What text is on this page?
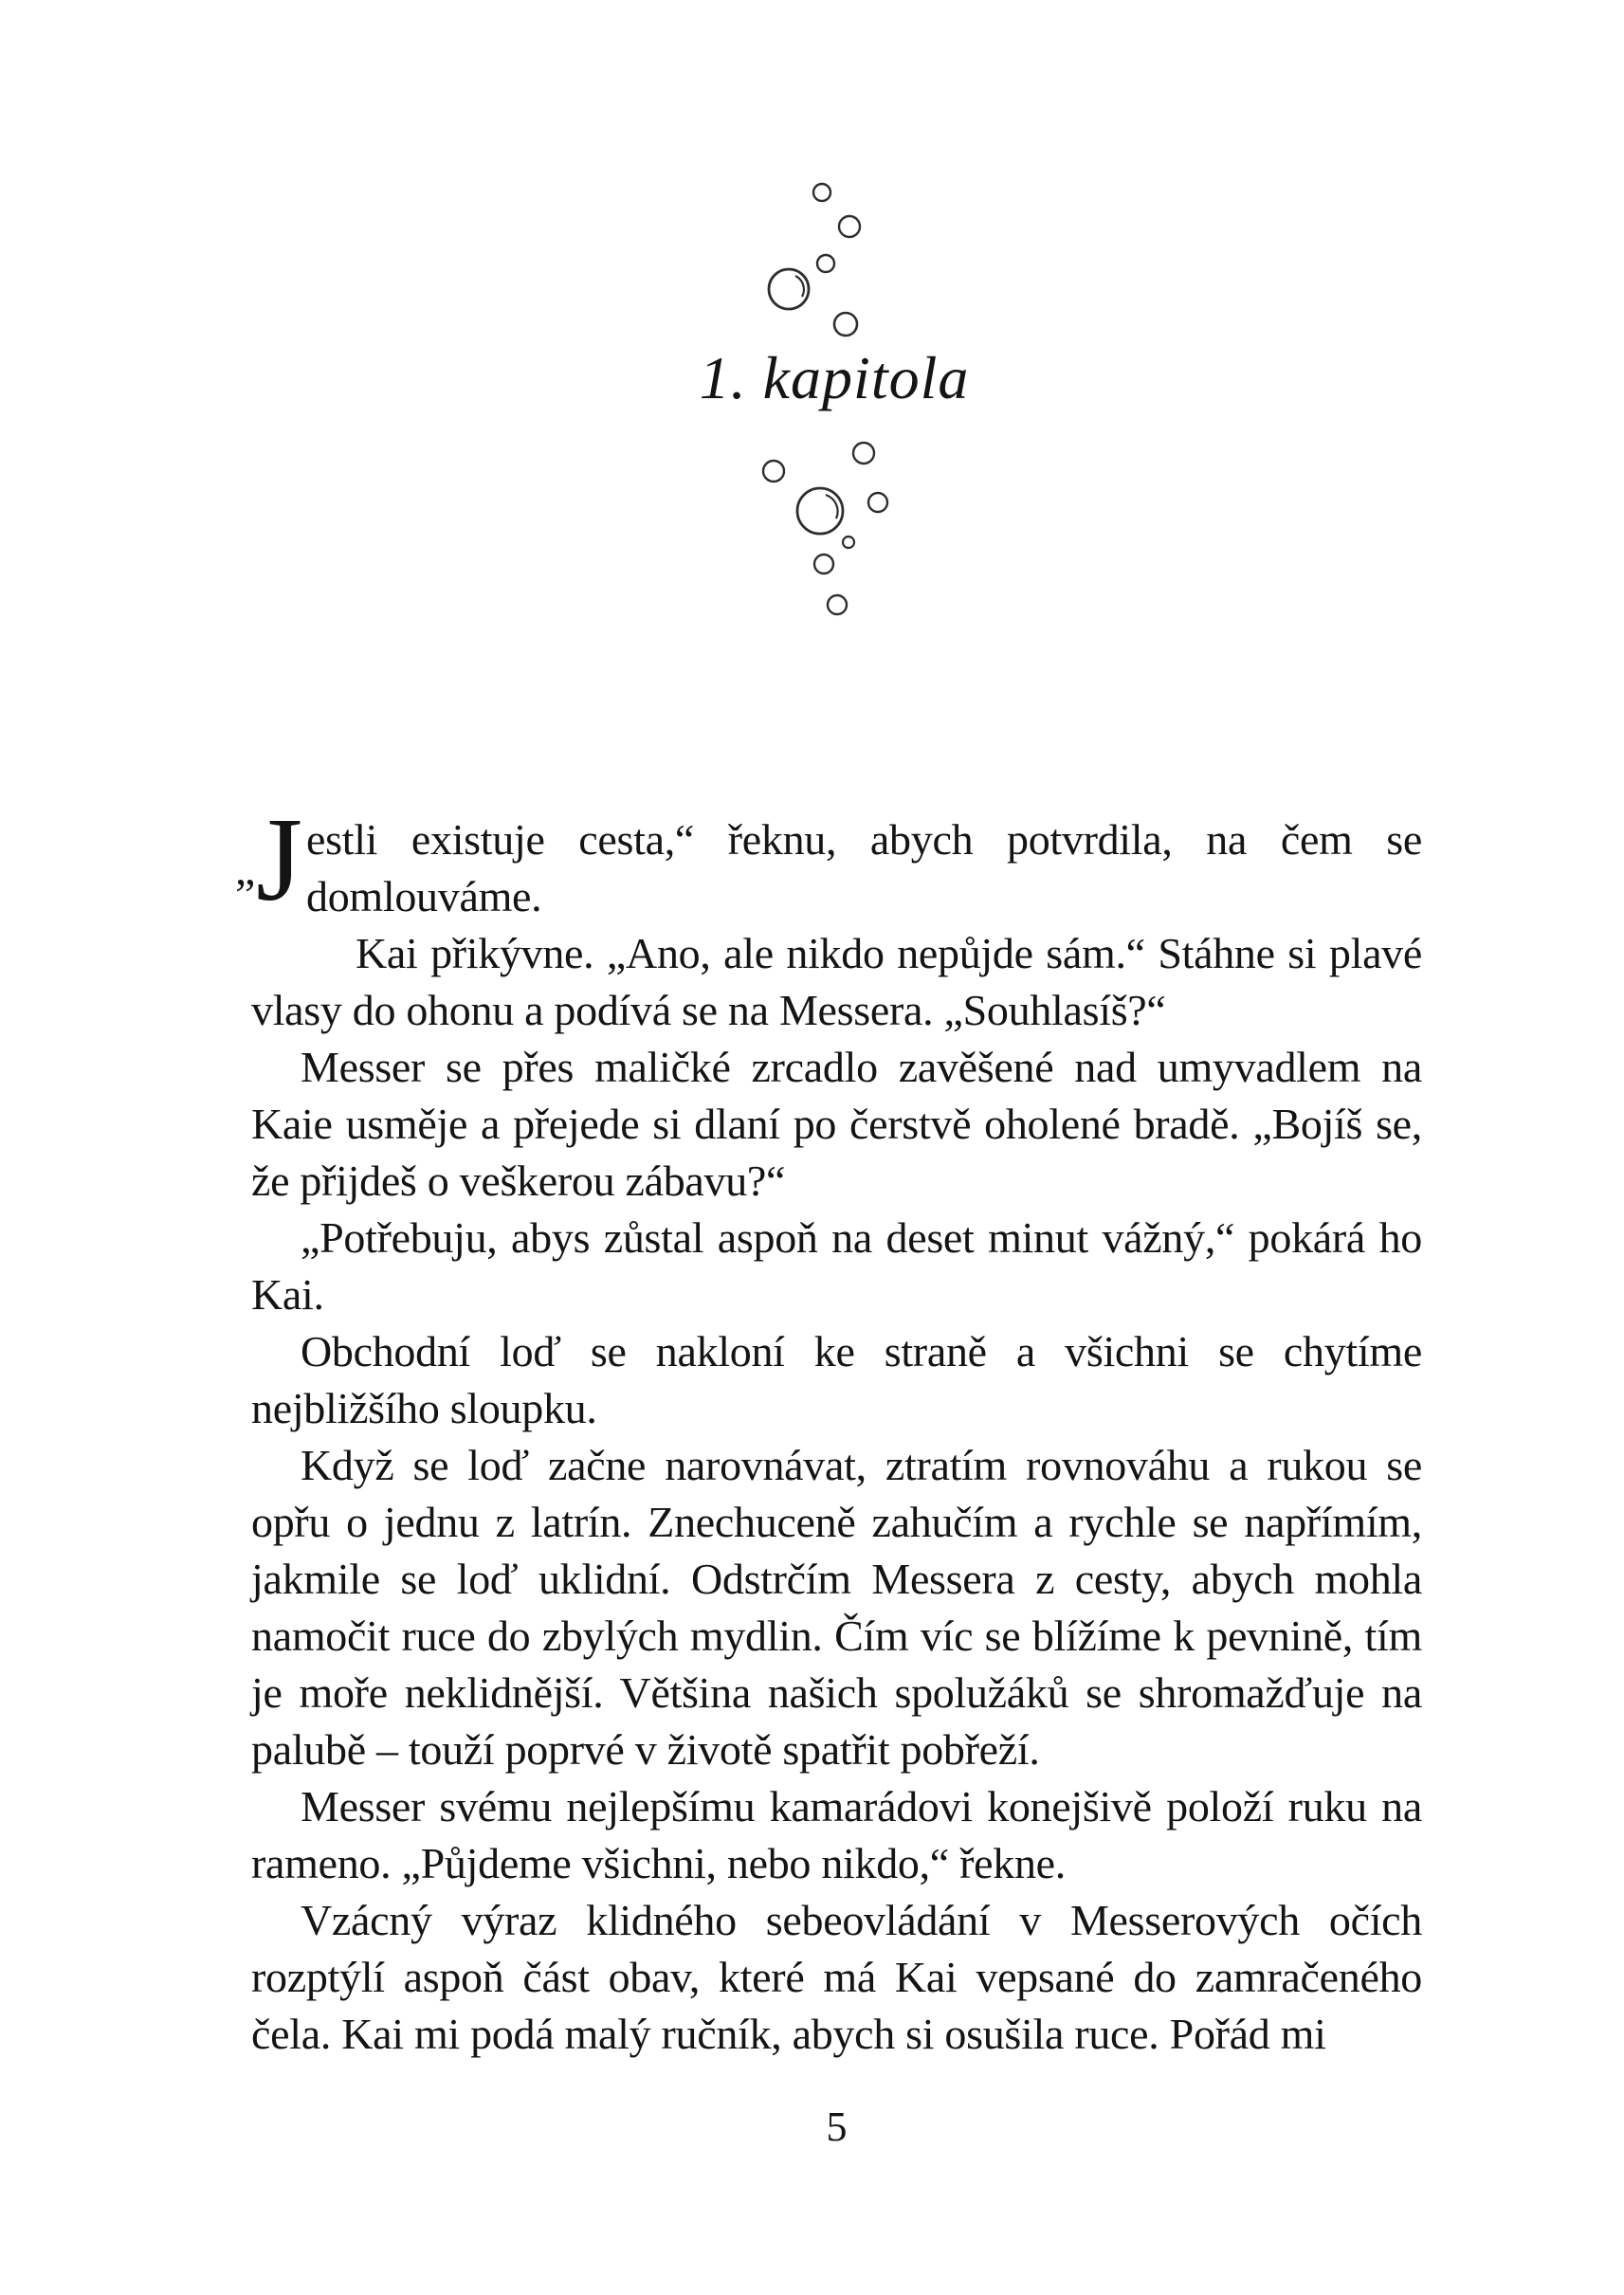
1. kapitola

estli existuje cesta,“ řeknu, abych potvrdila, na čem se domlouváme.

Kai přikývne. „Ano, ale nikdo nepůjde sám.“ Stáhne si plavé vlasy do ohonu a podívá se na Messera. „Souhlasíš?“

Messer se přes maličké zrcadlo zavěšené nad umyvadlem na Kaie usměje a přejede si dlaní po čerstvě oholené bradě. „Bojíš se, že přijdeš o veškerou zábavu?“

„Potřebuju, abys zůstal aspoň na deset minut vážný,“ pokárá ho Kai.

Obchodní loď se nakloní ke straně a všichni se chytíme nejbližšího sloupku.

Když se loď začne narovnávat, ztratím rovnováhu a rukou se opřu o jednu z latrín. Znechuceně zahučím a rychle se napřímím, jakmile se loď uklidní. Odstrčím Messera z cesty, abych mohla namočit ruce do zbylých mydlin. Čím víc se blížíme k pevnině, tím je moře neklidnější. Většina našich spolužáků se shromažďuje na palubě – touží poprvé v životě spatřit pobřeží.

Messer svému nejlepšímu kamarádovi konejšivě položí ruku na rameno. „Půjdeme všichni, nebo nikdo,“ řekne.

Vzácný výraz klidného sebeovládání v Messerových očích rozptýlí aspoň část obav, které má Kai vepsané do zamračeného čela. Kai mi podá malý ručník, abych si osušila ruce. Pořád mi

„ J
5
